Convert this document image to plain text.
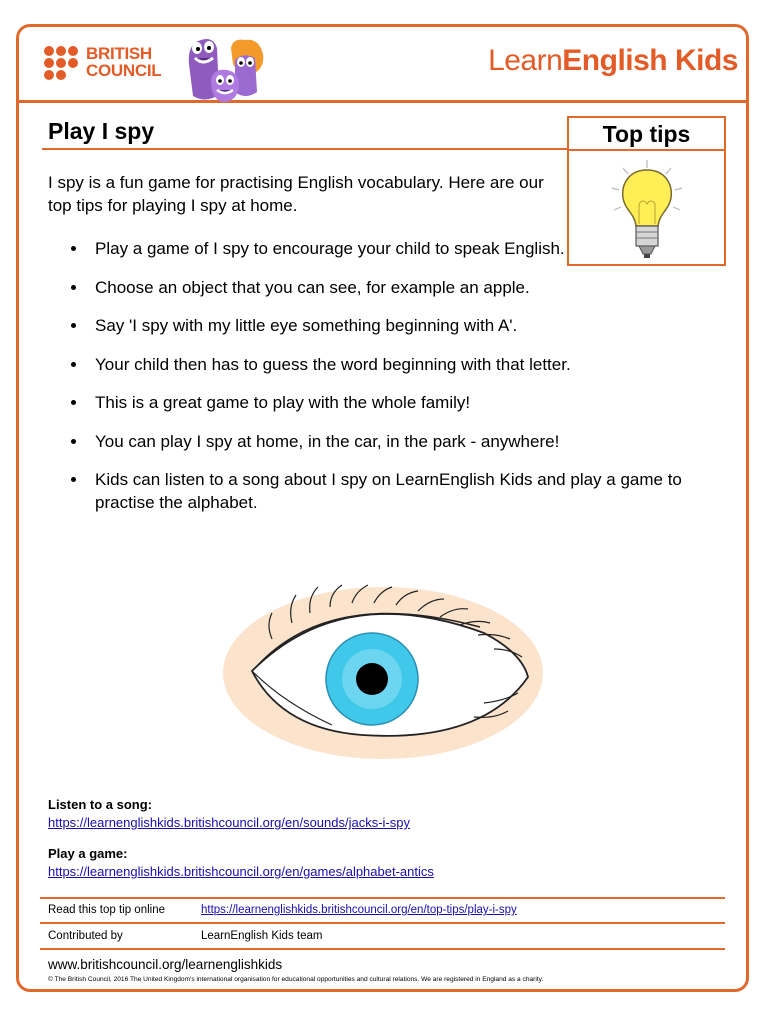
BRITISH
COUNCIL	LearnEnglish Kids
Play I spy	Top tips
I spy is a fun game for practising English vocabulary. Here are our top tips for playing I spy at home.
Play a game of I spy to encourage your child to speak English.
Choose an object that you can see, for example an apple.
Say 'I spy with my little eye something beginning with A'.
Your child then has to guess the word beginning with that letter.
This is a great game to play with the whole family!
You can play I spy at home, in the car, in the park - anywhere!
Kids can listen to a song about I spy on LearnEnglish Kids and play a game to practise the alphabet.
Listen to a song:
https://learnenglishkids.britishcouncil.org/en/sounds/jacks-i-spy
Play a game:
https://learnenglishkids.britishcouncil.org/en/games/alphabet-antics
Read this top tip online	https://learnenglishkids.britishcouncil.org/en/top-tips/play-i-spy
Contributed by	LearnEnglish Kids team
www.britishcouncil.org/learnenglishkids
© The British Council, 2016 The United Kingdom's international organisation for educational opportunities and cultural relations. We are registered in England as a charity.
